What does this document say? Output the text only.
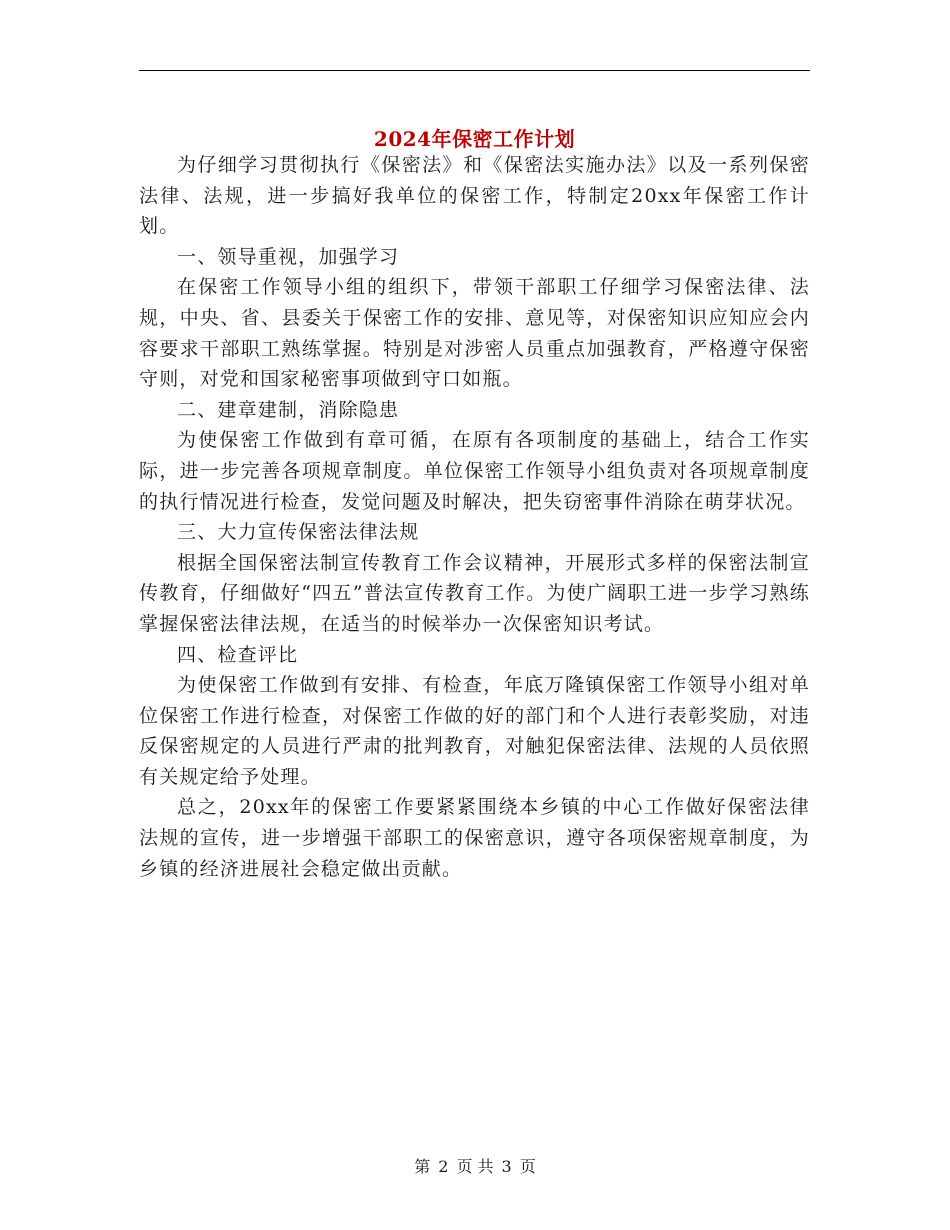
2024年保密工作计划

为仔细学习贯彻执行《保密法》和《保密法实施办法》以及一系列保密法律、法规，进一步搞好我单位的保密工作，特制定20xx年保密工作计划。

一、领导重视，加强学习

在保密工作领导小组的组织下，带领干部职工仔细学习保密法律、法规，中央、省、县委关于保密工作的安排、意见等，对保密知识应知应会内容要求干部职工熟练掌握。特别是对涉密人员重点加强教育，严格遵守保密守则，对党和国家秘密事项做到守口如瓶。

二、建章建制，消除隐患

为使保密工作做到有章可循，在原有各项制度的基础上，结合工作实际，进一步完善各项规章制度。单位保密工作领导小组负责对各项规章制度的执行情况进行检查，发觉问题及时解决，把失窃密事件消除在萌芽状况。

三、大力宣传保密法律法规

根据全国保密法制宣传教育工作会议精神，开展形式多样的保密法制宣传教育，仔细做好“四五”普法宣传教育工作。为使广阔职工进一步学习熟练掌握保密法律法规，在适当的时候举办一次保密知识考试。

四、检查评比

为使保密工作做到有安排、有检查，年底万隆镇保密工作领导小组对单位保密工作进行检查，对保密工作做的好的部门和个人进行表彰奖励，对违反保密规定的人员进行严肃的批判教育，对触犯保密法律、法规的人员依照有关规定给予处理。

总之，20xx年的保密工作要紧紧围绕本乡镇的中心工作做好保密法律法规的宣传，进一步增强干部职工的保密意识，遵守各项保密规章制度，为乡镇的经济进展社会稳定做出贡献。

第 2 页 共 3 页
